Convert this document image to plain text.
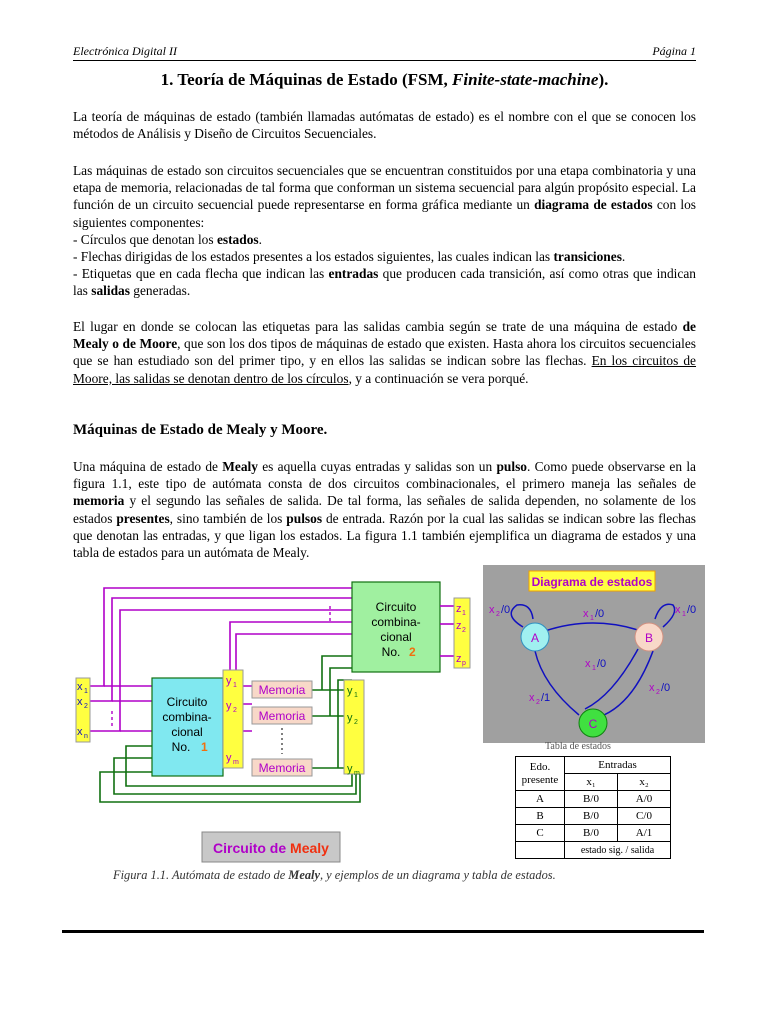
Electrónica Digital II	Página 1
1. Teoría de Máquinas de Estado (FSM, Finite-state-machine).
La teoría de máquinas de estado (también llamadas autómatas de estado) es el nombre con el que se conocen los métodos de Análisis y Diseño de Circuitos Secuenciales.
Las máquinas de estado son circuitos secuenciales que se encuentran constituidos por una etapa combinatoria y una etapa de memoria, relacionadas de tal forma que conforman un sistema secuencial para algún propósito especial. La función de un circuito secuencial puede representarse en forma gráfica mediante un diagrama de estados con los siguientes componentes:
- Círculos que denotan los estados.
- Flechas dirigidas de los estados presentes a los estados siguientes, las cuales indican las transiciones.
- Etiquetas que en cada flecha que indican las entradas que producen cada transición, así como otras que indican las salidas generadas.
El lugar en donde se colocan las etiquetas para las salidas cambia según se trate de una máquina de estado de Mealy o de Moore, que son los dos tipos de máquinas de estado que existen. Hasta ahora los circuitos secuenciales que se han estudiado son del primer tipo, y en ellos las salidas se indican sobre las flechas. En los circuitos de Moore, las salidas se denotan dentro de los círculos, y a continuación se vera porqué.
Máquinas de Estado de Mealy y Moore.
Una máquina de estado de Mealy es aquella cuyas entradas y salidas son un pulso. Como puede observarse en la figura 1.1, este tipo de autómata consta de dos circuitos combinacionales, el primero maneja las señales de memoria y el segundo las señales de salida. De tal forma, las señales de salida dependen, no solamente de los estados presentes, sino también de los pulsos de entrada. Razón por la cual las salidas se indican sobre las flechas que denotan las entradas, y que ligan los estados. La figura 1.1 también ejemplifica un diagrama de estados y una tabla de estados para un autómata de Mealy.
Circuito
combina-
cional
No. 1
Circuito
combina-
cional
No. 2
x 1
x 2
x n
y 1
y 2
y m
Memoria
Memoria
Memoria
y 1
y 2
y m
z 1
z 2
z p
Circuito de Mealy
Diagrama de estados
A	B
C
x 2 /0	x 1 /0	x 1 /0
x 1 /0
x 2 /0
x 2 /1
Tabla de estados
Edo.
presente	Entradas	
	x₁	x₂
A	B/0	A/0
B	B/0	C/0
C	B/0	A/1
	estado sig. / salida	
Figura 1.1. Autómata de estado de Mealy, y ejemplos de un diagrama y tabla de estados.
